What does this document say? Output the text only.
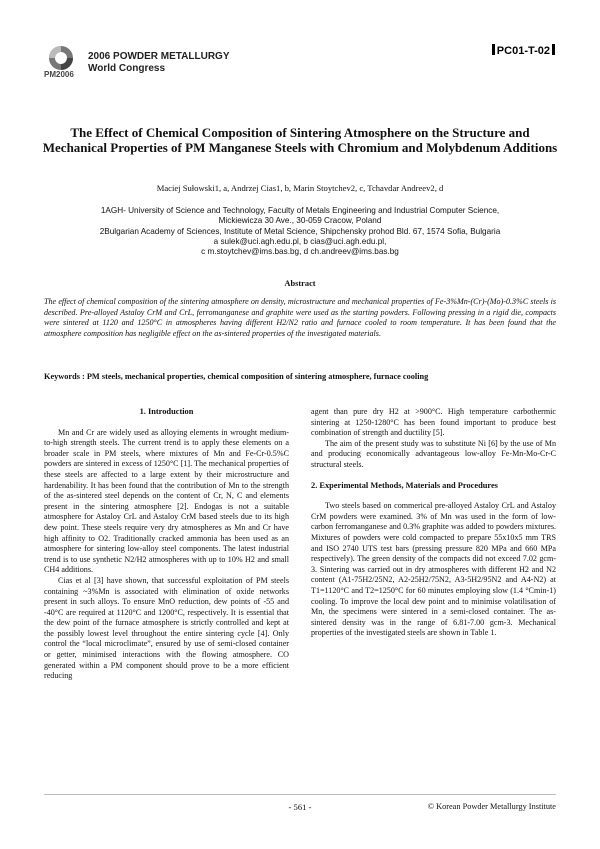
PM2006
2006 POWDER METALLURGY
World Congress
PC01-T-02
The Effect of Chemical Composition of Sintering Atmosphere on the Structure and Mechanical Properties of PM Manganese Steels with Chromium and Molybdenum Additions
Maciej Sułowski1, a, Andrzej Cias1, b, Marin Stoytchev2, c, Tchavdar Andreev2, d
1AGH- University of Science and Technology, Faculty of Metals Engineering and Industrial Computer Science,
Mickiewicza 30 Ave., 30-059 Cracow, Poland
2Bulgarian Academy of Sciences, Institute of Metal Science, Shipchensky prohod Bld. 67, 1574 Sofia, Bulgaria
a sulek@uci.agh.edu.pl, b cias@uci.agh.edu.pl,
c m.stoytchev@ims.bas.bg, d ch.andreev@ims.bas.bg
Abstract
The effect of chemical composition of the sintering atmosphere on density, microstructure and mechanical properties of Fe-3%Mn-(Cr)-(Mo)-0.3%C steels is described. Pre-alloyed Astaloy CrM and CrL, ferromanganese and graphite were used as the starting powders. Following pressing in a rigid die, compacts were sintered at 1120 and 1250°C in atmospheres having different H2/N2 ratio and furnace cooled to room temperature. It has been found that the atmosphere composition has negligible effect on the as-sintered properties of the investigated materials.
Keywords : PM steels, mechanical properties, chemical composition of sintering atmosphere, furnace cooling
1. Introduction

Mn and Cr are widely used as alloying elements in wrought medium-to-high strength steels. The current trend is to apply these elements on a broader scale in PM steels, where mixtures of Mn and Fe-Cr-0.5%C powders are sintered in excess of 1250°C [1]. The mechanical properties of these steels are affected to a large extent by their microstructure and hardenability. It has been found that the contribution of Mn to the strength of the as-sintered steel depends on the content of Cr, N, C and elements present in the sintering atmosphere [2]. Endogas is not a suitable atmosphere for Astaloy CrL and Astaloy CrM based steels due to its high dew point. These steels require very dry atmospheres as Mn and Cr have high affinity to O2. Traditionally cracked ammonia has been used as an atmosphere for sintering low-alloy steel components. The latest industrial trend is to use synthetic N2/H2 atmospheres with up to 10% H2 and small CH4 additions.

Cias et al [3] have shown, that successful exploitation of PM steels containing ~3%Mn is associated with elimination of oxide networks present in such alloys. To ensure MnO reduction, dew points of -55 and -40°C are required at 1120°C and 1200°C, respectively. It is essential that the dew point of the furnace atmosphere is strictly controlled and kept at the possibly lowest level throughout the entire sintering cycle [4]. Only control the “local microclimate”, ensured by use of semi-closed container or getter, minimised interactions with the flowing atmosphere. CO generated within a PM component should prove to be a more efficient reducing

agent than pure dry H2 at >900°C. High temperature carbothermic sintering at 1250-1280°C has been found important to produce best combination of strength and ductility [5].

The aim of the present study was to substitute Ni [6] by the use of Mn and producing economically advantageous low-alloy Fe-Mn-Mo-Cr-C structural steels.

2. Experimental Methods, Materials and Procedures

Two steels based on commerical pre-alloyed Astaloy CrL and Astaloy CrM powders were examined. 3% of Mn was used in the form of low-carbon ferromanganese and 0.3% graphite was added to powders mixtures. Mixtures of powders were cold compacted to prepare 55x10x5 mm TRS and ISO 2740 UTS test bars (pressing pressure 820 MPa and 660 MPa respectively). The green density of the compacts did not exceed 7.02 gcm-3. Sintering was carried out in dry atmospheres with different H2 and N2 content (A1-75H2/25N2, A2-25H2/75N2, A3-5H2/95N2 and A4-N2) at T1=1120°C and T2=1250°C for 60 minutes employing slow (1.4 °Cmin-1) cooling. To improve the local dew point and to minimise volatilisation of Mn, the specimens were sintered in a semi-closed container. The as-sintered density was in the range of 6.81-7.00 gcm-3. Mechanical properties of the investigated steels are shown in Table 1.

- 561 -	© Korean Powder Metallurgy Institute
